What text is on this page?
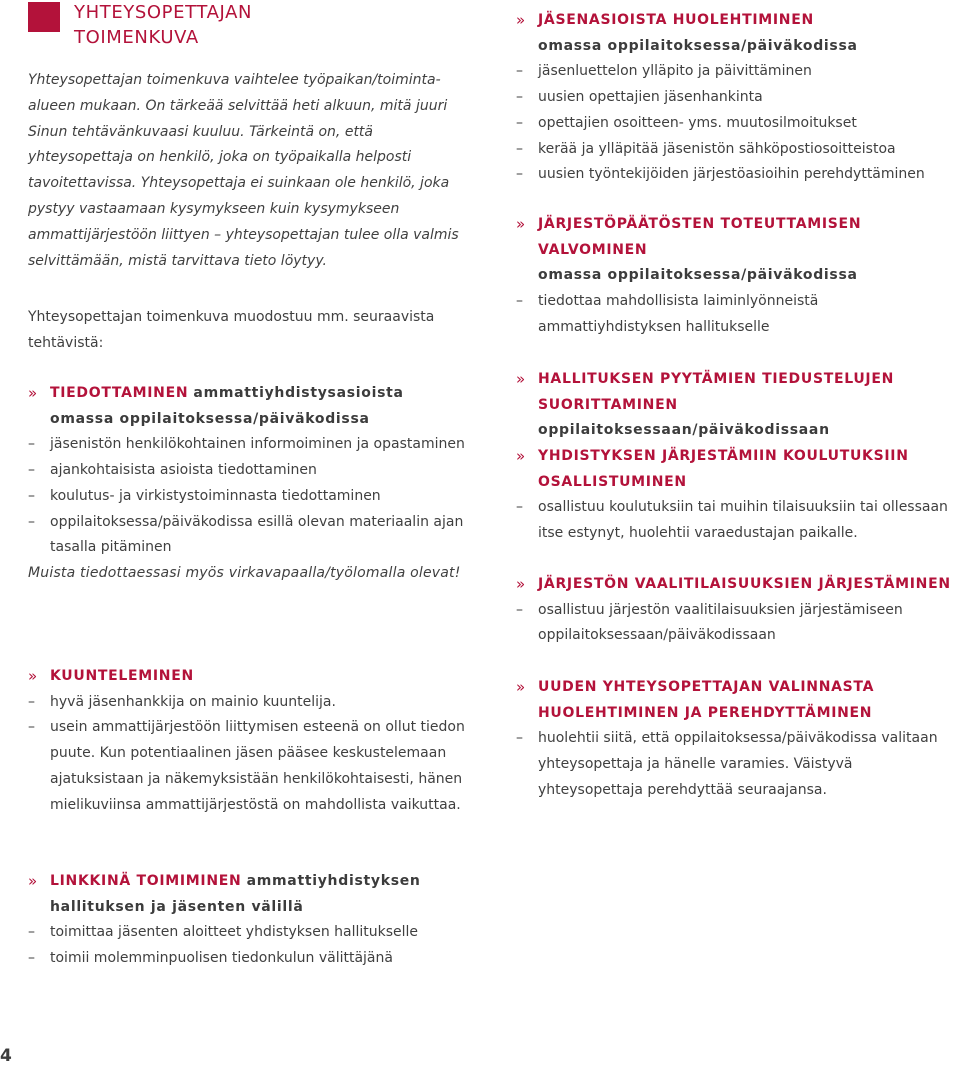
YHTEYSOPETTAJAN
TOIMENKUVA

Yhteysopettajan toimenkuva vaihtelee työpaikan/toiminta-alueen mukaan. On tärkeää selvittää heti alkuun, mitä juuri Sinun tehtävänkuvaasi kuuluu. Tärkeintä on, että yhteysopettaja on henkilö, joka on työpaikalla helposti tavoitettavissa. Yhteysopettaja ei suinkaan ole henkilö, joka pystyy vastaamaan kysymykseen kuin kysymykseen ammattijärjestöön liittyen – yhteysopettajan tulee olla valmis selvittämään, mistä tarvittava tieto löytyy.

Yhteysopettajan toimenkuva muodostuu mm. seuraavista tehtävistä:

» TIEDOTTAMINEN ammattiyhdistysasioista omassa oppilaitoksessa/päiväkodissa
– jäsenistön henkilökohtainen informoiminen ja opastaminen
– ajankohtaisista asioista tiedottaminen
– koulutus- ja virkistystoiminnasta tiedottaminen
– oppilaitoksessa/päiväkodissa esillä olevan materiaalin ajan tasalla pitäminen

Muista tiedottaessasi myös virkavapaalla/työlomalla olevat!

» KUUNTELEMINEN
– hyvä jäsenhankkija on mainio kuuntelija.
– usein ammattijärjestöön liittymisen esteenä on ollut tiedon puute. Kun potentiaalinen jäsen pääsee keskustelemaan ajatuksistaan ja näkemyksistään henkilökohtaisesti, hänen mielikuviinsa ammattijärjestöstä on mahdollista vaikuttaa.
» LINKKINÄ TOIMIMINEN ammattiyhdistyksen hallituksen ja jäsenten välillä
– toimittaa jäsenten aloitteet yhdistyksen hallitukselle
– toimii molemminpuolisen tiedonkulun välittäjänä
» JÄSENASIOISTA HUOLEHTIMINEN
omassa oppilaitoksessa/päiväkodissa
– jäsenluettelon ylläpito ja päivittäminen
– uusien opettajien jäsenhankinta
– opettajien osoitteen- yms. muutosilmoitukset
– kerää ja ylläpitää jäsenistön sähköpostiosoitteistoa
– uusien työntekijöiden järjestöasioihin perehdyttäminen
» JÄRJESTÖPÄÄTÖSTEN TOTEUTTAMISEN VALVOMINEN
omassa oppilaitoksessa/päiväkodissa
– tiedottaa mahdollisista laiminlyönneistä ammattiyhdistyksen hallitukselle
» HALLITUKSEN PYYTÄMIEN TIEDUSTELUJEN SUORITTAMINEN oppilaitoksessaan/päiväkodissaan
» YHDISTYKSEN JÄRJESTÄMIIN KOULUTUKSIIN OSALLISTUMINEN
– osallistuu koulutuksiin tai muihin tilaisuuksiin tai ollessaan itse estynyt, huolehtii varaedustajan paikalle.
» JÄRJESTÖN VAALITILAISUUKSIEN JÄRJESTÄMINEN
– osallistuu järjestön vaalitilaisuuksien järjestämiseen oppilaitoksessaan/päiväkodissaan
» UUDEN YHTEYSOPETTAJAN VALINNASTA HUOLEHTIMINEN JA PEREHDYTTÄMINEN
– huolehtii siitä, että oppilaitoksessa/päiväkodissa valitaan yhteysopettaja ja hänelle varamies. Väistyvä yhteysopettaja perehdyttää seuraajansa.
4
